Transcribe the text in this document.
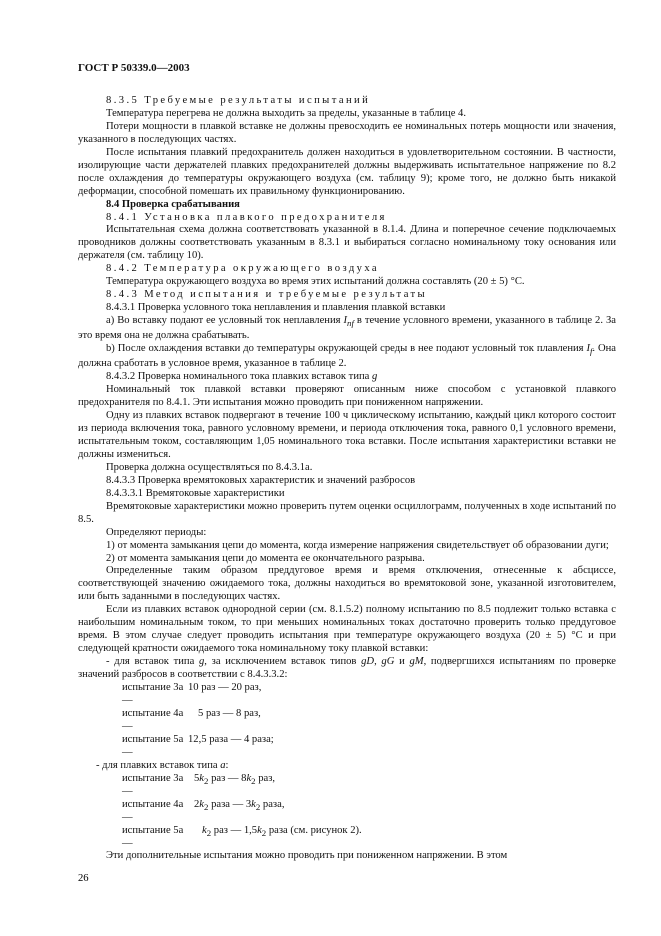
ГОСТ Р 50339.0—2003

8.3.5 Требуемые результаты испытаний

Температура перегрева не должна выходить за пределы, указанные в таблице 4.

Потери мощности в плавкой вставке не должны превосходить ее номинальных потерь мощности или значения, указанного в последующих частях.

После испытания плавкий предохранитель должен находиться в удовлетворительном состоянии. В частности, изолирующие части держателей плавких предохранителей должны выдерживать испытательное напряжение по 8.2 после охлаждения до температуры окружающего воздуха (см. таблицу 9); кроме того, не должно быть никакой деформации, способной помешать их правильному функционированию.

8.4 Проверка срабатывания

8.4.1 Установка плавкого предохранителя

Испытательная схема должна соответствовать указанной в 8.1.4. Длина и поперечное сечение подключаемых проводников должны соответствовать указанным в 8.3.1 и выбираться согласно номинальному току основания или держателя (см. таблицу 10).

8.4.2 Температура окружающего воздуха

Температура окружающего воздуха во время этих испытаний должна составлять (20 ± 5) °С.

8.4.3 Метод испытания и требуемые результаты

8.4.3.1 Проверка условного тока неплавления и плавления плавкой вставки

а) Во вставку подают ее условный ток неплавления $I_{nf}$ в течение условного времени, указанного в таблице 2. За это время она не должна срабатывать.

b) После охлаждения вставки до температуры окружающей среды в нее подают условный ток плавления $I_f$. Она должна сработать в условное время, указанное в таблице 2.

8.4.3.2 Проверка номинального тока плавких вставок типа g

Номинальный ток плавкой вставки проверяют описанным ниже способом с установкой плавкого предохранителя по 8.4.1. Эти испытания можно проводить при пониженном напряжении.

Одну из плавких вставок подвергают в течение 100 ч циклическому испытанию, каждый цикл которого состоит из периода включения тока, равного условному времени, и периода отключения тока, равного 0,1 условного времени, испытательным током, составляющим 1,05 номинального тока вставки. После испытания характеристики вставки не должны измениться.

Проверка должна осуществляться по 8.4.3.1а.

8.4.3.3 Проверка времятоковых характеристик и значений разбросов

8.4.3.3.1 Времятоковые характеристики

Времятоковые характеристики можно проверить путем оценки осциллограмм, полученных в ходе испытаний по 8.5.

Определяют периоды:

1) от момента замыкания цепи до момента, когда измерение напряжения свидетельствует об образовании дуги;

2) от момента замыкания цепи до момента ее окончательного разрыва.

Определенные таким образом преддуговое время и время отключения, отнесенные к абсциссе, соответствующей значению ожидаемого тока, должны находиться во времятоковой зоне, указанной изготовителем, или быть заданными в последующих частях.

Если из плавких вставок однородной серии (см. 8.1.5.2) полному испытанию по 8.5 подлежит только вставка с наибольшим номинальным током, то при меньших номинальных токах достаточно проверить только преддуговое время. В этом случае следует проводить испытания при температуре окружающего воздуха (20 ± 5) °С и при следующей кратности ожидаемого тока номинальному току плавкой вставки:

- для вставок типа g, за исключением вставок типов gD, gG и gM, подвергшихся испытаниям по проверке значений разбросов в соответствии с 8.4.3.3.2:

испытание 3а —
10 раз — 20 раз,
испытание 4а —
5 раз — 8 раз,
испытание 5а —
12,5 раза — 4 раза;

- для плавких вставок типа а:

испытание 3а —
$5k_2$ раз — $8k_2$ раз,
испытание 4а —
$2k_2$ раза — $3k_2$ раза,
испытание 5а —
$k_2$ раз — $1,5k_2$ раза (см. рисунок 2).

Эти дополнительные испытания можно проводить при пониженном напряжении. В этом

26
